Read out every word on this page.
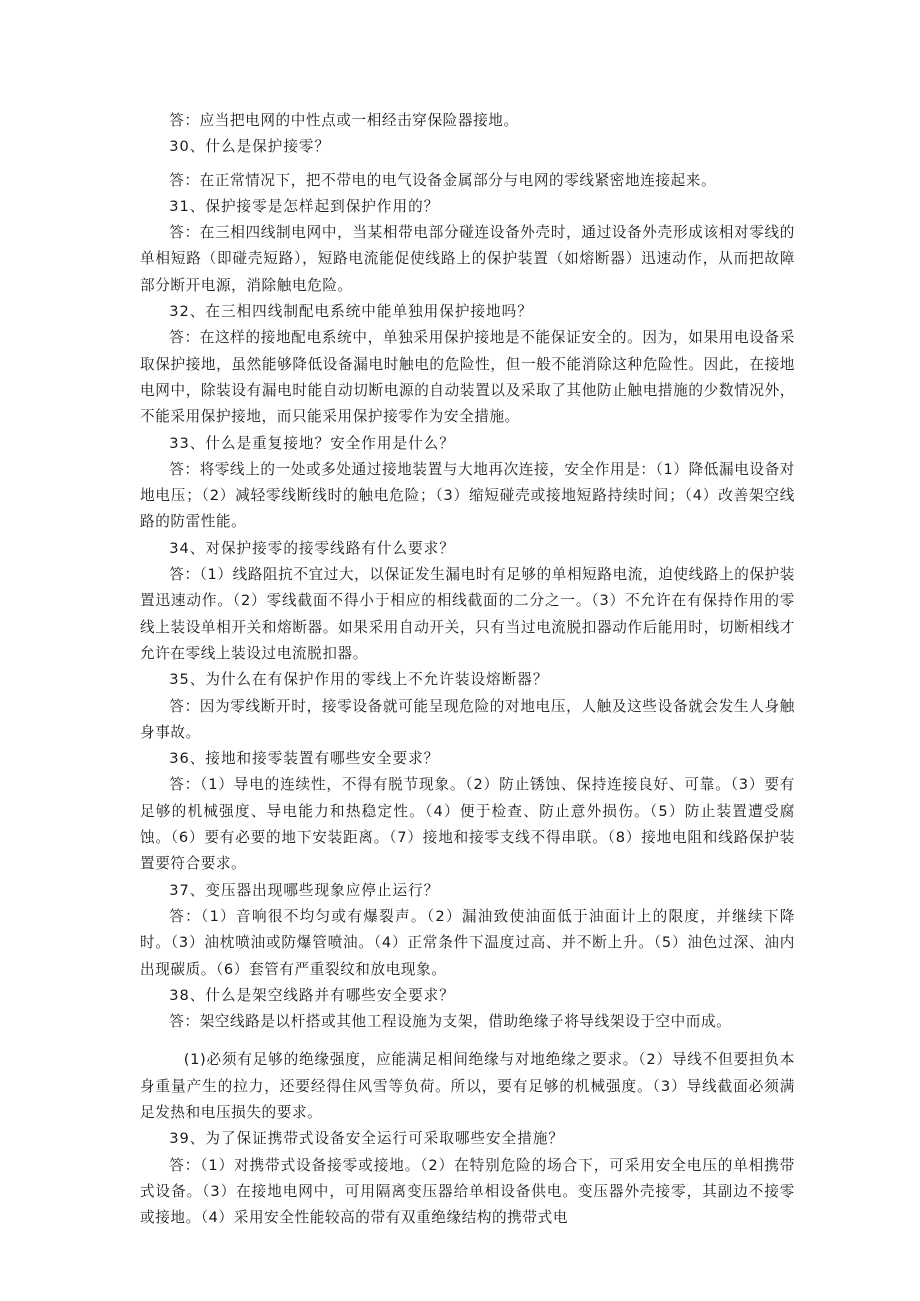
答：应当把电网的中性点或一相经击穿保险器接地。

30、什么是保护接零？

答：在正常情况下，把不带电的电气设备金属部分与电网的零线紧密地连接起来。

31、保护接零是怎样起到保护作用的？

答：在三相四线制电网中，当某相带电部分碰连设备外壳时，通过设备外壳形成该相对零线的单相短路（即碰壳短路），短路电流能促使线路上的保护装置（如熔断器）迅速动作，从而把故障部分断开电源，消除触电危险。

32、在三相四线制配电系统中能单独用保护接地吗？

答：在这样的接地配电系统中，单独采用保护接地是不能保证安全的。因为，如果用电设备采取保护接地，虽然能够降低设备漏电时触电的危险性，但一般不能消除这种危险性。因此，在接地电网中，除装设有漏电时能自动切断电源的自动装置以及采取了其他防止触电措施的少数情况外，不能采用保护接地，而只能采用保护接零作为安全措施。

33、什么是重复接地？安全作用是什么？

答：将零线上的一处或多处通过接地装置与大地再次连接，安全作用是：（1）降低漏电设备对地电压；（2）减轻零线断线时的触电危险；（3）缩短碰壳或接地短路持续时间；（4）改善架空线路的防雷性能。

34、对保护接零的接零线路有什么要求？

答：（1）线路阻抗不宜过大，以保证发生漏电时有足够的单相短路电流，迫使线路上的保护装置迅速动作。（2）零线截面不得小于相应的相线截面的二分之一。（3）不允许在有保持作用的零线上装设单相开关和熔断器。如果采用自动开关，只有当过电流脱扣器动作后能用时，切断相线才允许在零线上装设过电流脱扣器。

35、为什么在有保护作用的零线上不允许装设熔断器？

答：因为零线断开时，接零设备就可能呈现危险的对地电压，人触及这些设备就会发生人身触身事故。

36、接地和接零装置有哪些安全要求？

答：（1）导电的连续性，不得有脱节现象。（2）防止锈蚀、保持连接良好、可靠。（3）要有足够的机械强度、导电能力和热稳定性。（4）便于检查、防止意外损伤。（5）防止装置遭受腐蚀。（6）要有必要的地下安装距离。（7）接地和接零支线不得串联。（8）接地电阻和线路保护装置要符合要求。

37、变压器出现哪些现象应停止运行？

答：（1）音响很不均匀或有爆裂声。（2）漏油致使油面低于油面计上的限度，并继续下降时。（3）油枕喷油或防爆管喷油。（4）正常条件下温度过高、并不断上升。（5）油色过深、油内出现碳质。（6）套管有严重裂纹和放电现象。

38、什么是架空线路并有哪些安全要求？

答：架空线路是以杆搭或其他工程设施为支架，借助绝缘子将导线架设于空中而成。

(1)必须有足够的绝缘强度，应能满足相间绝缘与对地绝缘之要求。（2）导线不但要担负本身重量产生的拉力，还要经得住风雪等负荷。所以，要有足够的机械强度。（3）导线截面必须满足发热和电压损失的要求。

39、为了保证携带式设备安全运行可采取哪些安全措施？

答：（1）对携带式设备接零或接地。（2）在特别危险的场合下，可采用安全电压的单相携带式设备。（3）在接地电网中，可用隔离变压器给单相设备供电。变压器外壳接零，其副边不接零或接地。（4）采用安全性能较高的带有双重绝缘结构的携带式电
